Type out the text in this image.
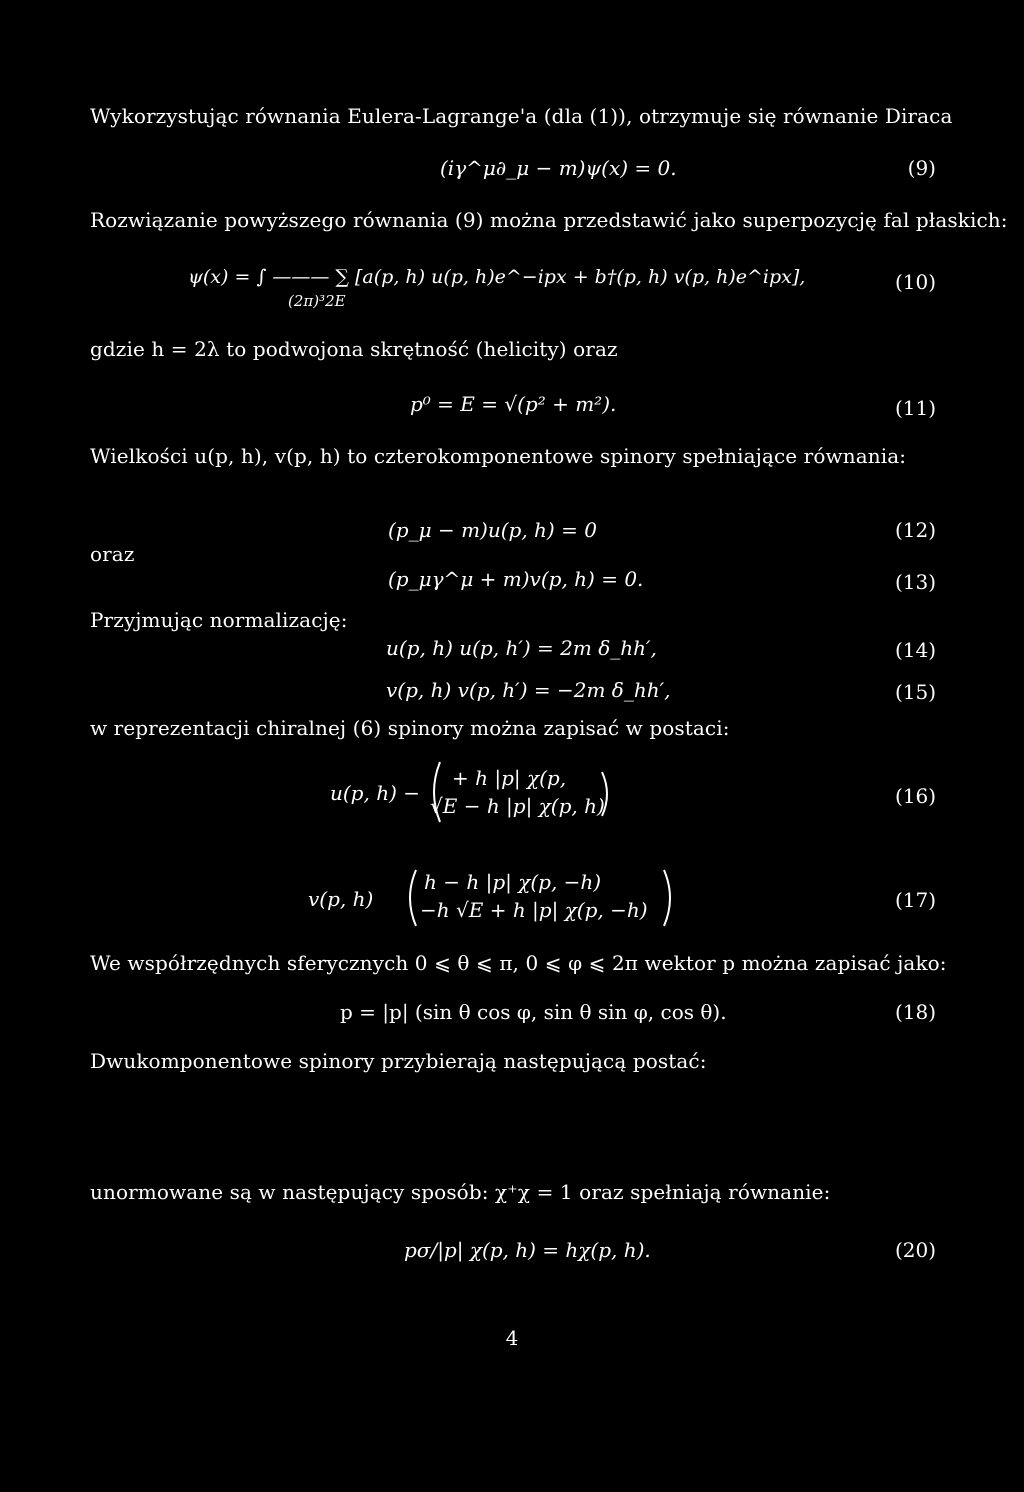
Wykorzystując równania Eulera-Lagrange'a (dla (1)), otrzymuje się równanie Diraca
(iγ^μ∂_μ − m)ψ(x) = 0.	(9)
Rozwiązanie powyższego równania (9) można przedstawić jako superpozycję fal płaskich:
ψ(x) = ∫ ——— ∑ [a(p, h) u(p, h)e^−ipx + b†(p, h) v(p, h)e^ipx],
(2π)³2E
(10)
gdzie h = 2λ to podwojona skrętność (helicity) oraz
p⁰ = E = √(p² + m²).	(11)
Wielkości u(p, h), v(p, h) to czterokomponentowe spinory spełniające równania:
(p_μ − m)u(p, h) = 0	(12)
oraz
(p_μγ^μ + m)v(p, h) = 0.	(13)
Przyjmując normalizację:
u(p, h) u(p, h′) = 2m δ_hh′,	(14)
v(p, h) v(p, h′) = −2m δ_hh′,	(15)
w reprezentacji chiralnej (6) spinory można zapisać w postaci:
u(p, h) −
+ h |p| χ(p,
√E − h |p| χ(p, h)	(16)
v(p, h)
h − h |p| χ(p, −h)
−h √E + h |p| χ(p, −h)	(17)
We współrzędnych sferycznych 0 ⩽ θ ⩽ π, 0 ⩽ φ ⩽ 2π wektor p można zapisać jako:
p = |p| (sin θ cos φ, sin θ sin φ, cos θ).	(18)
Dwukomponentowe spinory przybierają następującą postać:
unormowane są w następujący sposób: χ⁺χ = 1 oraz spełniają równanie:
pσ/|p| χ(p, h) = hχ(p, h).	(20)
4
